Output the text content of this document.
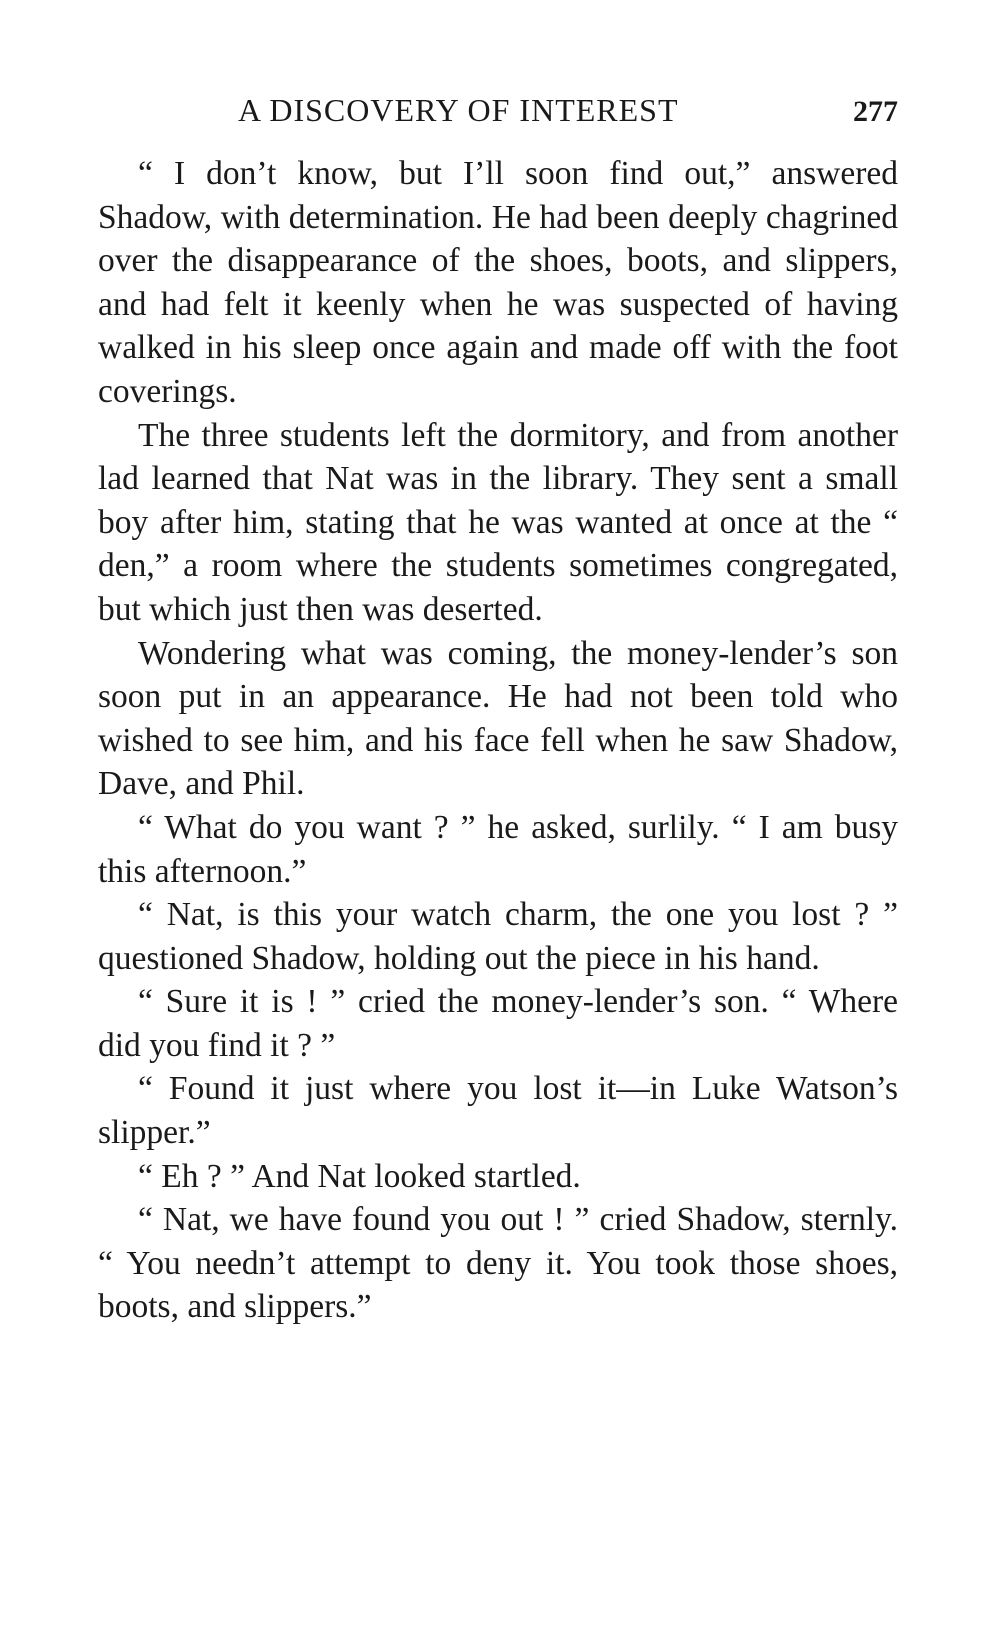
A DISCOVERY OF INTEREST	277

“ I don’t know, but I’ll soon find out,” answered Shadow, with determination. He had been deeply chagrined over the disappearance of the shoes, boots, and slippers, and had felt it keenly when he was suspected of having walked in his sleep once again and made off with the foot coverings.

The three students left the dormitory, and from another lad learned that Nat was in the library. They sent a small boy after him, stating that he was wanted at once at the “ den,” a room where the students sometimes congregated, but which just then was deserted.

Wondering what was coming, the money-lender’s son soon put in an appearance. He had not been told who wished to see him, and his face fell when he saw Shadow, Dave, and Phil.

“ What do you want ? ” he asked, surlily. “ I am busy this afternoon.”

“ Nat, is this your watch charm, the one you lost ? ” questioned Shadow, holding out the piece in his hand.

“ Sure it is ! ” cried the money-lender’s son. “ Where did you find it ? ”

“ Found it just where you lost it—in Luke Watson’s slipper.”

“ Eh ? ” And Nat looked startled.

“ Nat, we have found you out ! ” cried Shadow, sternly. “ You needn’t attempt to deny it. You took those shoes, boots, and slippers.”
